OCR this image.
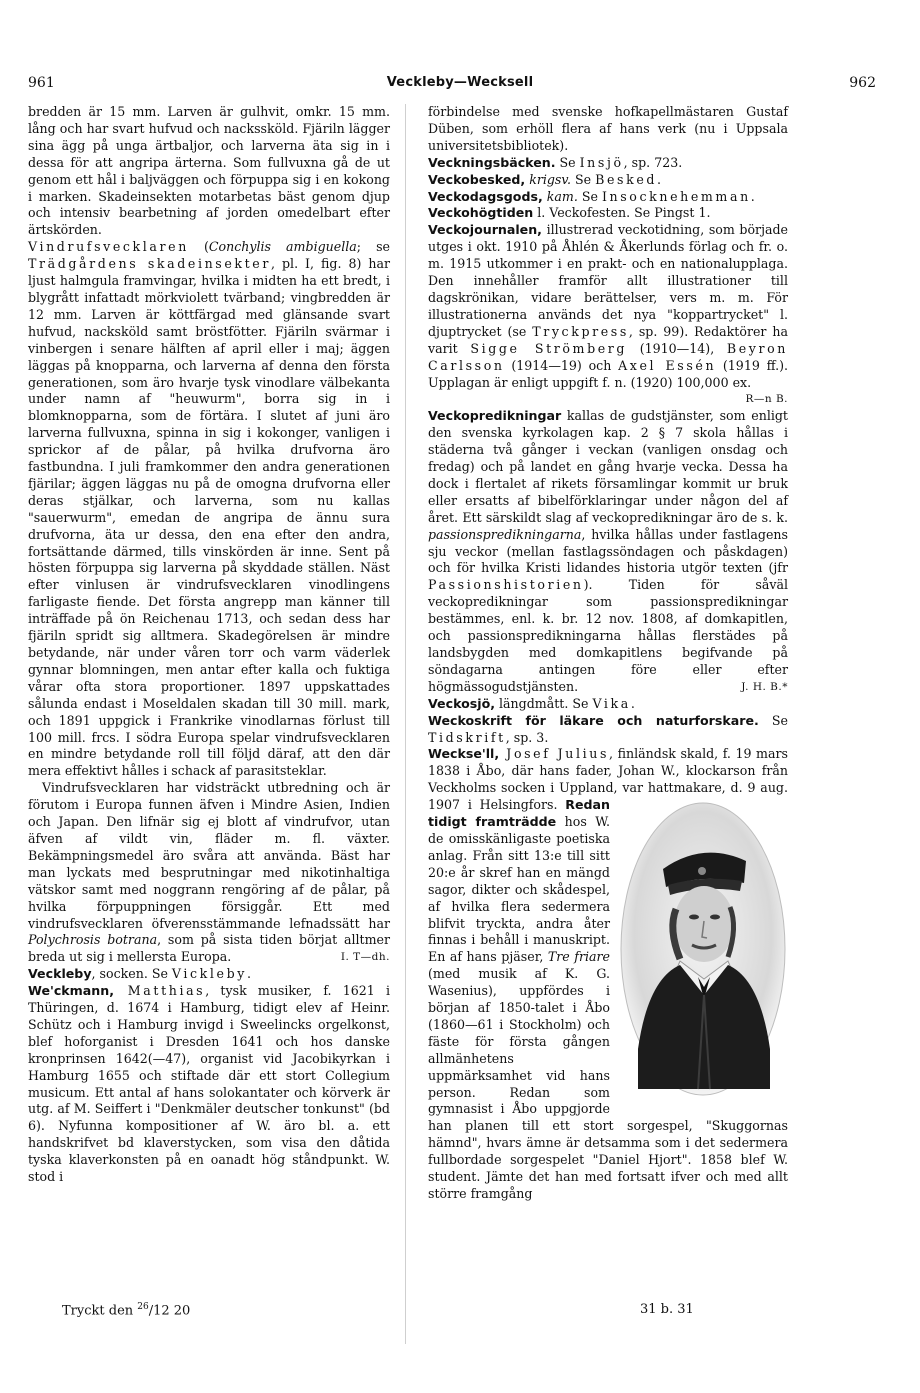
961	Veckleby—Wecksell	962

bredden är 15 mm. Larven är gulhvit, omkr. 15 mm. lång och har svart hufvud och nackssköld. Fjäriln lägger sina ägg på unga ärtbaljor, och larverna äta sig in i dessa för att angripa ärterna. Som fullvuxna gå de ut genom ett hål i baljväggen och förpuppa sig i en kokong i marken. Skadeinsekten motarbetas bäst genom djup och intensiv bearbetning af jorden omedelbart efter ärtskörden.

Vindrufsvecklaren (Conchylis ambiguella; se Trädgårdens skadeinsekter, pl. I, fig. 8) har ljust halmgula framvingar, hvilka i midten ha ett bredt, i blygrått infattadt mörkviolett tvärband; vingbredden är 12 mm. Larven är köttfärgad med glänsande svart hufvud, nacksköld samt bröstfötter. Fjäriln svärmar i vinbergen i senare hälften af april eller i maj; äggen läggas på knopparna, och larverna af denna den första generationen, som äro hvarje tysk vinodlare välbekanta under namn af "heuwurm", borra sig in i blomknopparna, som de förtära. I slutet af juni äro larverna fullvuxna, spinna in sig i kokonger, vanligen i sprickor af de pålar, på hvilka drufvorna äro fastbundna. I juli framkommer den andra generationen fjärilar; äggen läggas nu på de omogna drufvorna eller deras stjälkar, och larverna, som nu kallas "sauerwurm", emedan de angripa de ännu sura drufvorna, äta ur dessa, den ena efter den andra, fortsättande därmed, tills vinskörden är inne. Sent på hösten förpuppa sig larverna på skyddade ställen. Näst efter vinlusen är vindrufsvecklaren vinodlingens farligaste fiende. Det första angrepp man känner till inträffade på ön Reichenau 1713, och sedan dess har fjäriln spridt sig alltmera. Skadegörelsen är mindre betydande, när under våren torr och varm väderlek gynnar blomningen, men antar efter kalla och fuktiga vårar ofta stora proportioner. 1897 uppskattades sålunda endast i Moseldalen skadan till 30 mill. mark, och 1891 uppgick i Frankrike vinodlarnas förlust till 100 mill. frcs. I södra Europa spelar vindrufsvecklaren en mindre betydande roll till följd däraf, att den där mera effektivt hålles i schack af parasitsteklar.

Vindrufsvecklaren har vidsträckt utbredning och är förutom i Europa funnen äfven i Mindre Asien, Indien och Japan. Den lifnär sig ej blott af vindrufvor, utan äfven af vildt vin, fläder m. fl. växter. Bekämpningsmedel äro svåra att använda. Bäst har man lyckats med besprutningar med nikotinhaltiga vätskor samt med noggrann rengöring af de pålar, på hvilka förpuppningen försiggår. Ett med vindrufsvecklaren öfverensstämmande lefnadssätt har Polychrosis botrana, som på sista tiden börjat alltmer breda ut sig i mellersta Europa.	I. T—dh.

Veckleby, socken. Se Vickleby.

We'ckmann, Matthias, tysk musiker, f. 1621 i Thüringen, d. 1674 i Hamburg, tidigt elev af Heinr. Schütz och i Hamburg invigd i Sweelincks orgelkonst, blef hoforganist i Dresden 1641 och hos danske kronprinsen 1642(—47), organist vid Jacobikyrkan i Hamburg 1655 och stiftade där ett stort Collegium musicum. Ett antal af hans solokantater och körverk är utg. af M. Seiffert i "Denkmäler deutscher tonkunst" (bd 6). Nyfunna kompositioner af W. äro bl. a. ett handskrifvet bd klaverstycken, som visa den dåtida tyska klaverkonsten på en oanadt hög ståndpunkt. W. stod i

förbindelse med svenske hofkapellmästaren Gustaf Düben, som erhöll flera af hans verk (nu i Uppsala universitetsbibliotek).

Veckningsbäcken. Se Insjö, sp. 723.

Veckobesked, krigsv. Se Besked.

Veckodagsgods, kam. Se Insocknehemman.

Veckohögtiden l. Veckofesten. Se Pingst 1.

Veckojournalen, illustrerad veckotidning, som började utges i okt. 1910 på Åhlén & Åkerlunds förlag och fr. o. m. 1915 utkommer i en prakt- och en nationalupplaga. Den innehåller framför allt illustrationer till dagskrönikan, vidare berättelser, vers m. m. För illustrationerna används det nya "koppartrycket" l. djuptrycket (se Tryckpress, sp. 99). Redaktörer ha varit Sigge Strömberg (1910—14), Beyron Carlsson (1914—19) och Axel Essén (1919 ff.). Upplagan är enligt uppgift f. n. (1920) 100,000 ex.
R—n B.

Veckopredikningar kallas de gudstjänster, som enligt den svenska kyrkolagen kap. 2 § 7 skola hållas i städerna två gånger i veckan (vanligen onsdag och fredag) och på landet en gång hvarje vecka. Dessa ha dock i flertalet af rikets församlingar kommit ur bruk eller ersatts af bibelförklaringar under någon del af året. Ett särskildt slag af veckopredikningar äro de s. k. passionspredikningarna, hvilka hållas under fastlagens sju veckor (mellan fastlagssöndagen och påskdagen) och för hvilka Kristi lidandes historia utgör texten (jfr Passionshistorien). Tiden för såväl veckopredikningar som passionspredikningar bestämmes, enl. k. br. 12 nov. 1808, af domkapitlen, och passionspredikningarna hållas flerstädes på landsbygden med domkapitlens begifvande på söndagarna antingen före eller efter högmässogudstjänsten.	J. H. B.*

Veckosjö, längdmått. Se Vika.

Weckoskrift för läkare och naturforskare. Se Tidskrift, sp. 3.

Weckse'll, Josef Julius, finländsk skald, f. 19 mars 1838 i Åbo, där hans fader, Johan W., klockarson från Veckholms socken i Uppland, var hattmakare, d. 9 aug. 1907 i Helsingfors.
Redan tidigt framträdde hos W. de omisskänligaste poetiska anlag. Från sitt 13:e till sitt 20:e år skref han en mängd sagor, dikter och skådespel, af hvilka flera sedermera blifvit tryckta, andra åter finnas i behåll i manuskript. En af hans pjäser, Tre friare (med musik af K. G. Wasenius), uppfördes i början af 1850-talet i Åbo (1860—61 i Stockholm) och fäste för första gången allmänhetens uppmärksamhet vid hans person. Redan som gymnasist i Åbo uppgjorde han planen till ett stort sorgespel, "Skuggornas hämnd", hvars ämne är detsamma som i det sedermera fullbordade sorgespelet "Daniel Hjort". 1858 blef W. student. Jämte det han med fortsatt ifver och med allt större framgång

Tryckt den $^{26}$/12 20	31 b. 31
